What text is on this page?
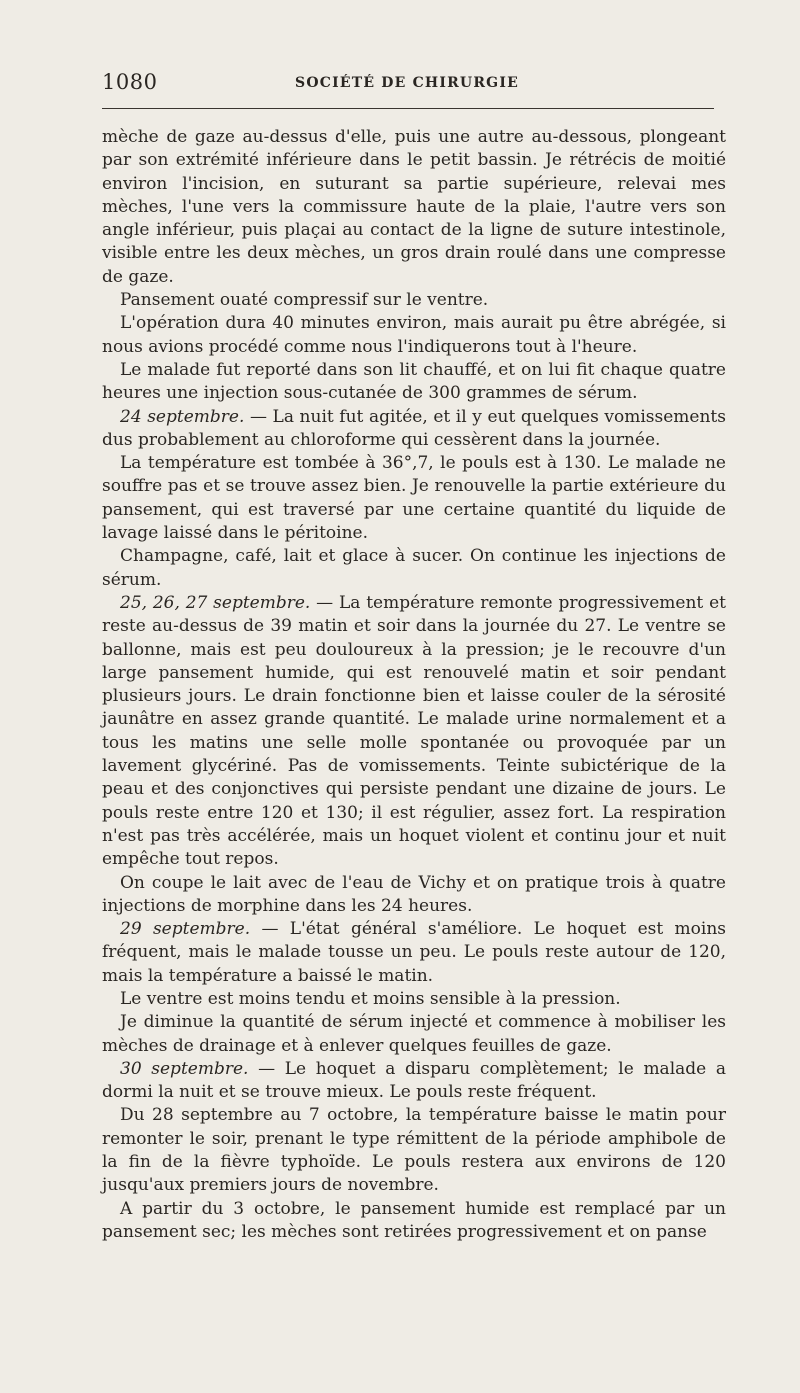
1080	SOCIÉTÉ DE CHIRURGIE

mèche de gaze au-dessus d'elle, puis une autre au-dessous, plongeant par son extrémité inférieure dans le petit bassin. Je rétrécis de moitié environ l'incision, en suturant sa partie supérieure, relevai mes mèches, l'une vers la commissure haute de la plaie, l'autre vers son angle inférieur, puis plaçai au contact de la ligne de suture intestinole, visible entre les deux mèches, un gros drain roulé dans une compresse de gaze.

Pansement ouaté compressif sur le ventre.

L'opération dura 40 minutes environ, mais aurait pu être abrégée, si nous avions procédé comme nous l'indiquerons tout à l'heure.

Le malade fut reporté dans son lit chauffé, et on lui fit chaque quatre heures une injection sous-cutanée de 300 grammes de sérum.

24 septembre. — La nuit fut agitée, et il y eut quelques vomissements dus probablement au chloroforme qui cessèrent dans la journée.

La température est tombée à 36°,7, le pouls est à 130. Le malade ne souffre pas et se trouve assez bien. Je renouvelle la partie extérieure du pansement, qui est traversé par une certaine quantité du liquide de lavage laissé dans le péritoine.

Champagne, café, lait et glace à sucer. On continue les injections de sérum.

25, 26, 27 septembre. — La température remonte progressivement et reste au-dessus de 39 matin et soir dans la journée du 27. Le ventre se ballonne, mais est peu douloureux à la pression; je le recouvre d'un large pansement humide, qui est renouvelé matin et soir pendant plusieurs jours. Le drain fonctionne bien et laisse couler de la sérosité jaunâtre en assez grande quantité. Le malade urine normalement et a tous les matins une selle molle spontanée ou provoquée par un lavement glycériné. Pas de vomissements. Teinte subictérique de la peau et des conjonctives qui persiste pendant une dizaine de jours. Le pouls reste entre 120 et 130; il est régulier, assez fort. La respiration n'est pas très accélérée, mais un hoquet violent et continu jour et nuit empêche tout repos.

On coupe le lait avec de l'eau de Vichy et on pratique trois à quatre injections de morphine dans les 24 heures.

29 septembre. — L'état général s'améliore. Le hoquet est moins fréquent, mais le malade tousse un peu. Le pouls reste autour de 120, mais la température a baissé le matin.

Le ventre est moins tendu et moins sensible à la pression.

Je diminue la quantité de sérum injecté et commence à mobiliser les mèches de drainage et à enlever quelques feuilles de gaze.

30 septembre. — Le hoquet a disparu complètement; le malade a dormi la nuit et se trouve mieux. Le pouls reste fréquent.

Du 28 septembre au 7 octobre, la température baisse le matin pour remonter le soir, prenant le type rémittent de la période amphibole de la fin de la fièvre typhoïde. Le pouls restera aux environs de 120 jusqu'aux premiers jours de novembre.

A partir du 3 octobre, le pansement humide est remplacé par un pansement sec; les mèches sont retirées progressivement et on panse
